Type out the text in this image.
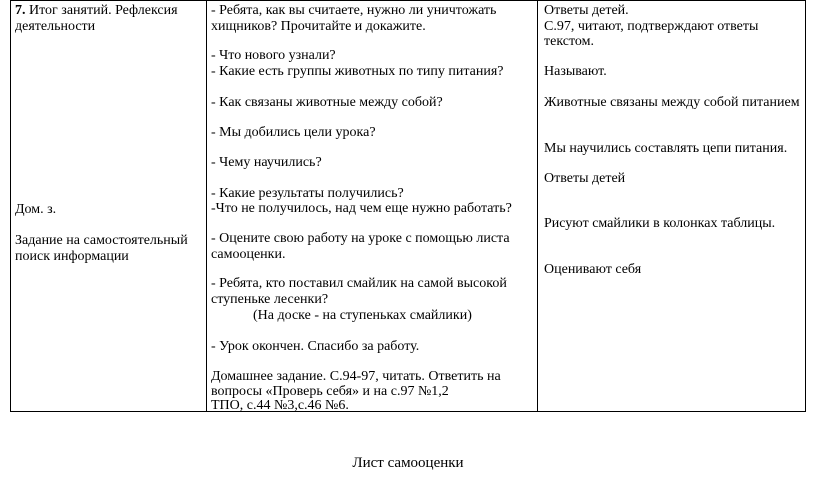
7. Итог занятий. Рефлексия

деятельности

Дом. з.

Задание на самостоятельный

поиск информации

- Ребята, как вы считаете, нужно ли уничтожать

хищников? Прочитайте и докажите.

- Что нового узнали?

- Какие есть группы животных по типу питания?

- Как связаны животные между собой?

- Мы добились цели урока?

- Чему научились?

- Какие результаты получились?

-Что не получилось, над чем еще нужно работать?

- Оцените свою работу на уроке с помощью листа

самооценки.

- Ребята, кто поставил смайлик на самой высокой

ступеньке лесенки?

(На доске - на ступеньках смайлики)

- Урок окончен. Спасибо за работу.

Домашнее задание. С.94-97, читать. Ответить на

вопросы «Проверь себя» и на с.97 №1,2

ТПО, с.44 №3,с.46 №6.

Ответы детей.

С.97, читают, подтверждают ответы

текстом.

Называют.

Животные связаны между собой питанием

Мы научились составлять цепи питания.

Ответы детей

Рисуют смайлики в колонках таблицы.

Оценивают себя

Лист самооценки
